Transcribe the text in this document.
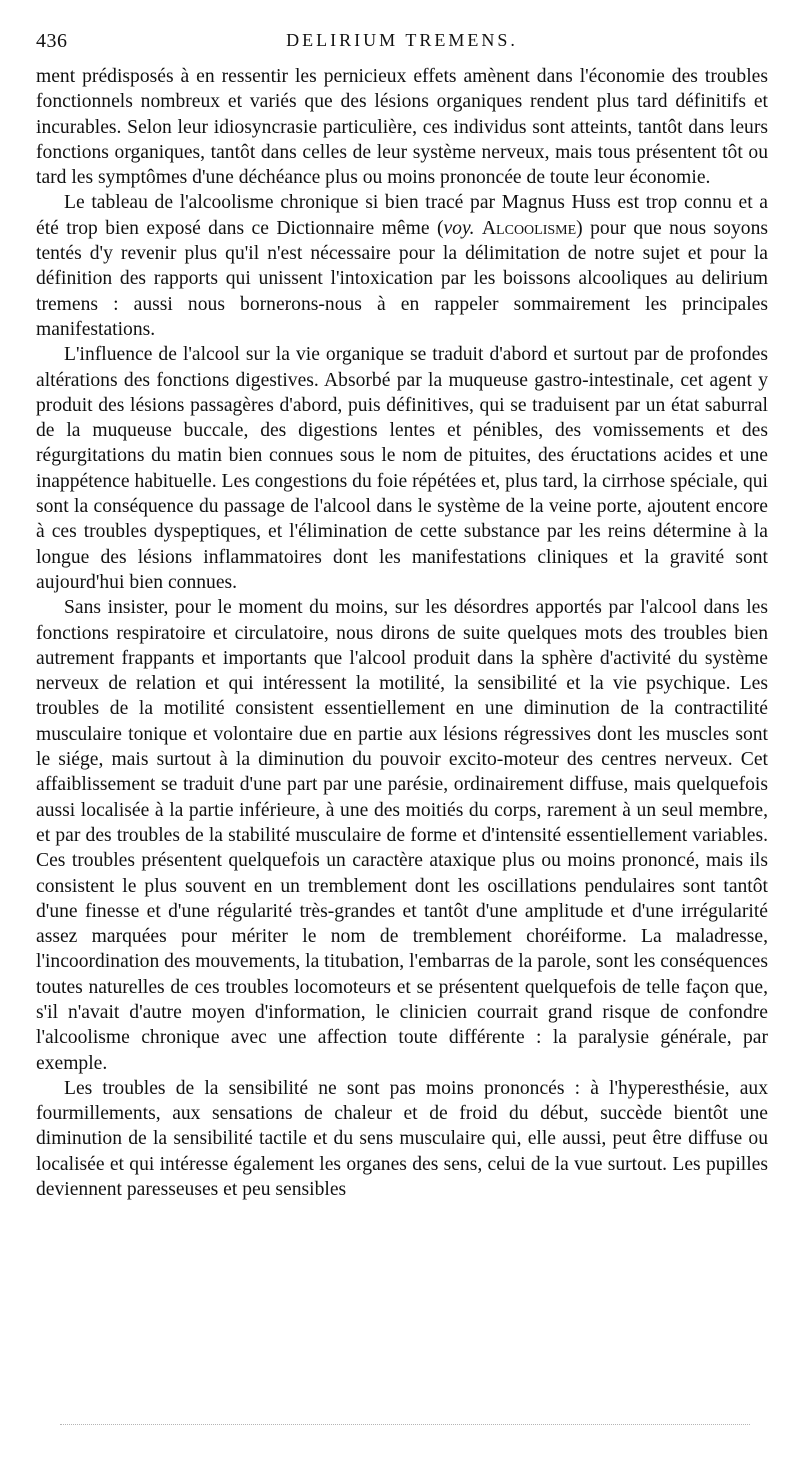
436	DELIRIUM TREMENS.

ment prédisposés à en ressentir les pernicieux effets amènent dans l'économie des troubles fonctionnels nombreux et variés que des lésions organiques rendent plus tard définitifs et incurables. Selon leur idiosyncrasie particulière, ces individus sont atteints, tantôt dans leurs fonctions organiques, tantôt dans celles de leur système nerveux, mais tous présentent tôt ou tard les symptômes d'une déchéance plus ou moins prononcée de toute leur économie.

Le tableau de l'alcoolisme chronique si bien tracé par Magnus Huss est trop connu et a été trop bien exposé dans ce Dictionnaire même (voy. Alcoolisme) pour que nous soyons tentés d'y revenir plus qu'il n'est nécessaire pour la délimitation de notre sujet et pour la définition des rapports qui unissent l'intoxication par les boissons alcooliques au delirium tremens : aussi nous bornerons-nous à en rappeler sommairement les principales manifestations.

L'influence de l'alcool sur la vie organique se traduit d'abord et surtout par de profondes altérations des fonctions digestives. Absorbé par la muqueuse gastro-intestinale, cet agent y produit des lésions passagères d'abord, puis définitives, qui se traduisent par un état saburral de la muqueuse buccale, des digestions lentes et pénibles, des vomissements et des régurgitations du matin bien connues sous le nom de pituites, des éructations acides et une inappétence habituelle. Les congestions du foie répétées et, plus tard, la cirrhose spéciale, qui sont la conséquence du passage de l'alcool dans le système de la veine porte, ajoutent encore à ces troubles dyspeptiques, et l'élimination de cette substance par les reins détermine à la longue des lésions inflammatoires dont les manifestations cliniques et la gravité sont aujourd'hui bien connues.

Sans insister, pour le moment du moins, sur les désordres apportés par l'alcool dans les fonctions respiratoire et circulatoire, nous dirons de suite quelques mots des troubles bien autrement frappants et importants que l'alcool produit dans la sphère d'activité du système nerveux de relation et qui intéressent la motilité, la sensibilité et la vie psychique. Les troubles de la motilité consistent essentiellement en une diminution de la contractilité musculaire tonique et volontaire due en partie aux lésions régressives dont les muscles sont le siége, mais surtout à la diminution du pouvoir excito-moteur des centres nerveux. Cet affaiblissement se traduit d'une part par une parésie, ordinairement diffuse, mais quelquefois aussi localisée à la partie inférieure, à une des moitiés du corps, rarement à un seul membre, et par des troubles de la stabilité musculaire de forme et d'intensité essentiellement variables. Ces troubles présentent quelquefois un caractère ataxique plus ou moins prononcé, mais ils consistent le plus souvent en un tremblement dont les oscillations pendulaires sont tantôt d'une finesse et d'une régularité très-grandes et tantôt d'une amplitude et d'une irrégularité assez marquées pour mériter le nom de tremblement choréiforme. La maladresse, l'incoordination des mouvements, la titubation, l'embarras de la parole, sont les conséquences toutes naturelles de ces troubles locomoteurs et se présentent quelquefois de telle façon que, s'il n'avait d'autre moyen d'information, le clinicien courrait grand risque de confondre l'alcoolisme chronique avec une affection toute différente : la paralysie générale, par exemple.

Les troubles de la sensibilité ne sont pas moins prononcés : à l'hyperesthésie, aux fourmillements, aux sensations de chaleur et de froid du début, succède bientôt une diminution de la sensibilité tactile et du sens musculaire qui, elle aussi, peut être diffuse ou localisée et qui intéresse également les organes des sens, celui de la vue surtout. Les pupilles deviennent paresseuses et peu sensibles
